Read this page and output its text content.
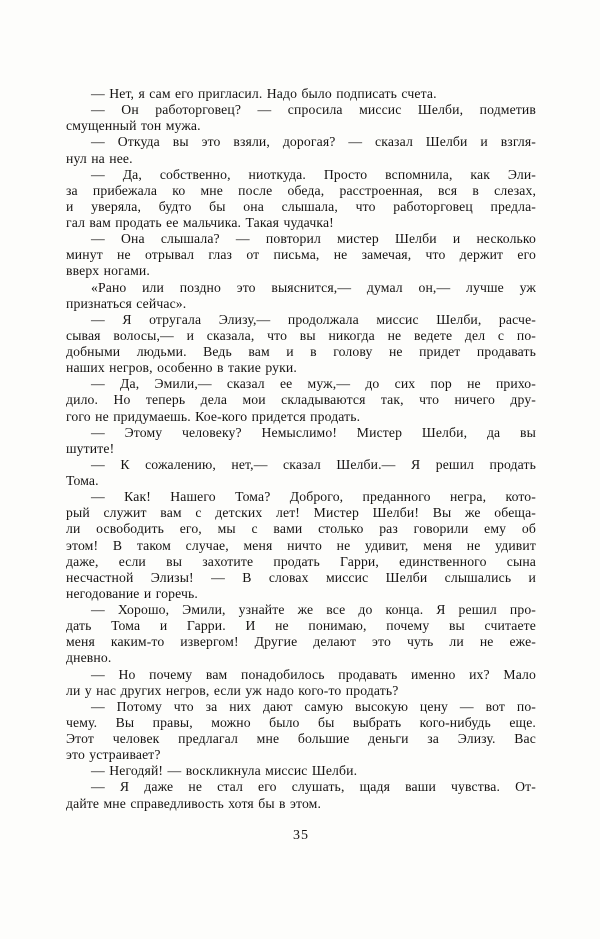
— Нет, я сам его пригласил. Надо было подписать счета.
— Он работорговец? — спросила миссис Шелби, подметив
смущенный тон мужа.
— Откуда вы это взяли, дорогая? — сказал Шелби и взгля-
нул на нее.
— Да, собственно, ниоткуда. Просто вспомнила, как Эли-
за прибежала ко мне после обеда, расстроенная, вся в слезах,
и уверяла, будто бы она слышала, что работорговец предла-
гал вам продать ее мальчика. Такая чудачка!
— Она слышала? — повторил мистер Шелби и несколько
минут не отрывал глаз от письма, не замечая, что держит его
вверх ногами.
«Рано или поздно это выяснится,— думал он,— лучше уж
признаться сейчас».
— Я отругала Элизу,— продолжала миссис Шелби, расче-
сывая волосы,— и сказала, что вы никогда не ведете дел с по-
добными людьми. Ведь вам и в голову не придет продавать
наших негров, особенно в такие руки.
— Да, Эмили,— сказал ее муж,— до сих пор не прихо-
дило. Но теперь дела мои складываются так, что ничего дру-
гого не придумаешь. Кое-кого придется продать.
— Этому человеку? Немыслимо! Мистер Шелби, да вы
шутите!
— К сожалению, нет,— сказал Шелби.— Я решил продать
Тома.
— Как! Нашего Тома? Доброго, преданного негра, кото-
рый служит вам с детских лет! Мистер Шелби! Вы же обеща-
ли освободить его, мы с вами столько раз говорили ему об
этом! В таком случае, меня ничто не удивит, меня не удивит
даже, если вы захотите продать Гарри, единственного сына
несчастной Элизы! — В словах миссис Шелби слышались и
негодование и горечь.
— Хорошо, Эмили, узнайте же все до конца. Я решил про-
дать Тома и Гарри. И не понимаю, почему вы считаете
меня каким-то извергом! Другие делают это чуть ли не еже-
дневно.
— Но почему вам понадобилось продавать именно их? Мало
ли у нас других негров, если уж надо кого-то продать?
— Потому что за них дают самую высокую цену — вот по-
чему. Вы правы, можно было бы выбрать кого-нибудь еще.
Этот человек предлагал мне большие деньги за Элизу. Вас
это устраивает?
— Негодяй! — воскликнула миссис Шелби.
— Я даже не стал его слушать, щадя ваши чувства. От-
дайте мне справедливость хотя бы в этом.
35
